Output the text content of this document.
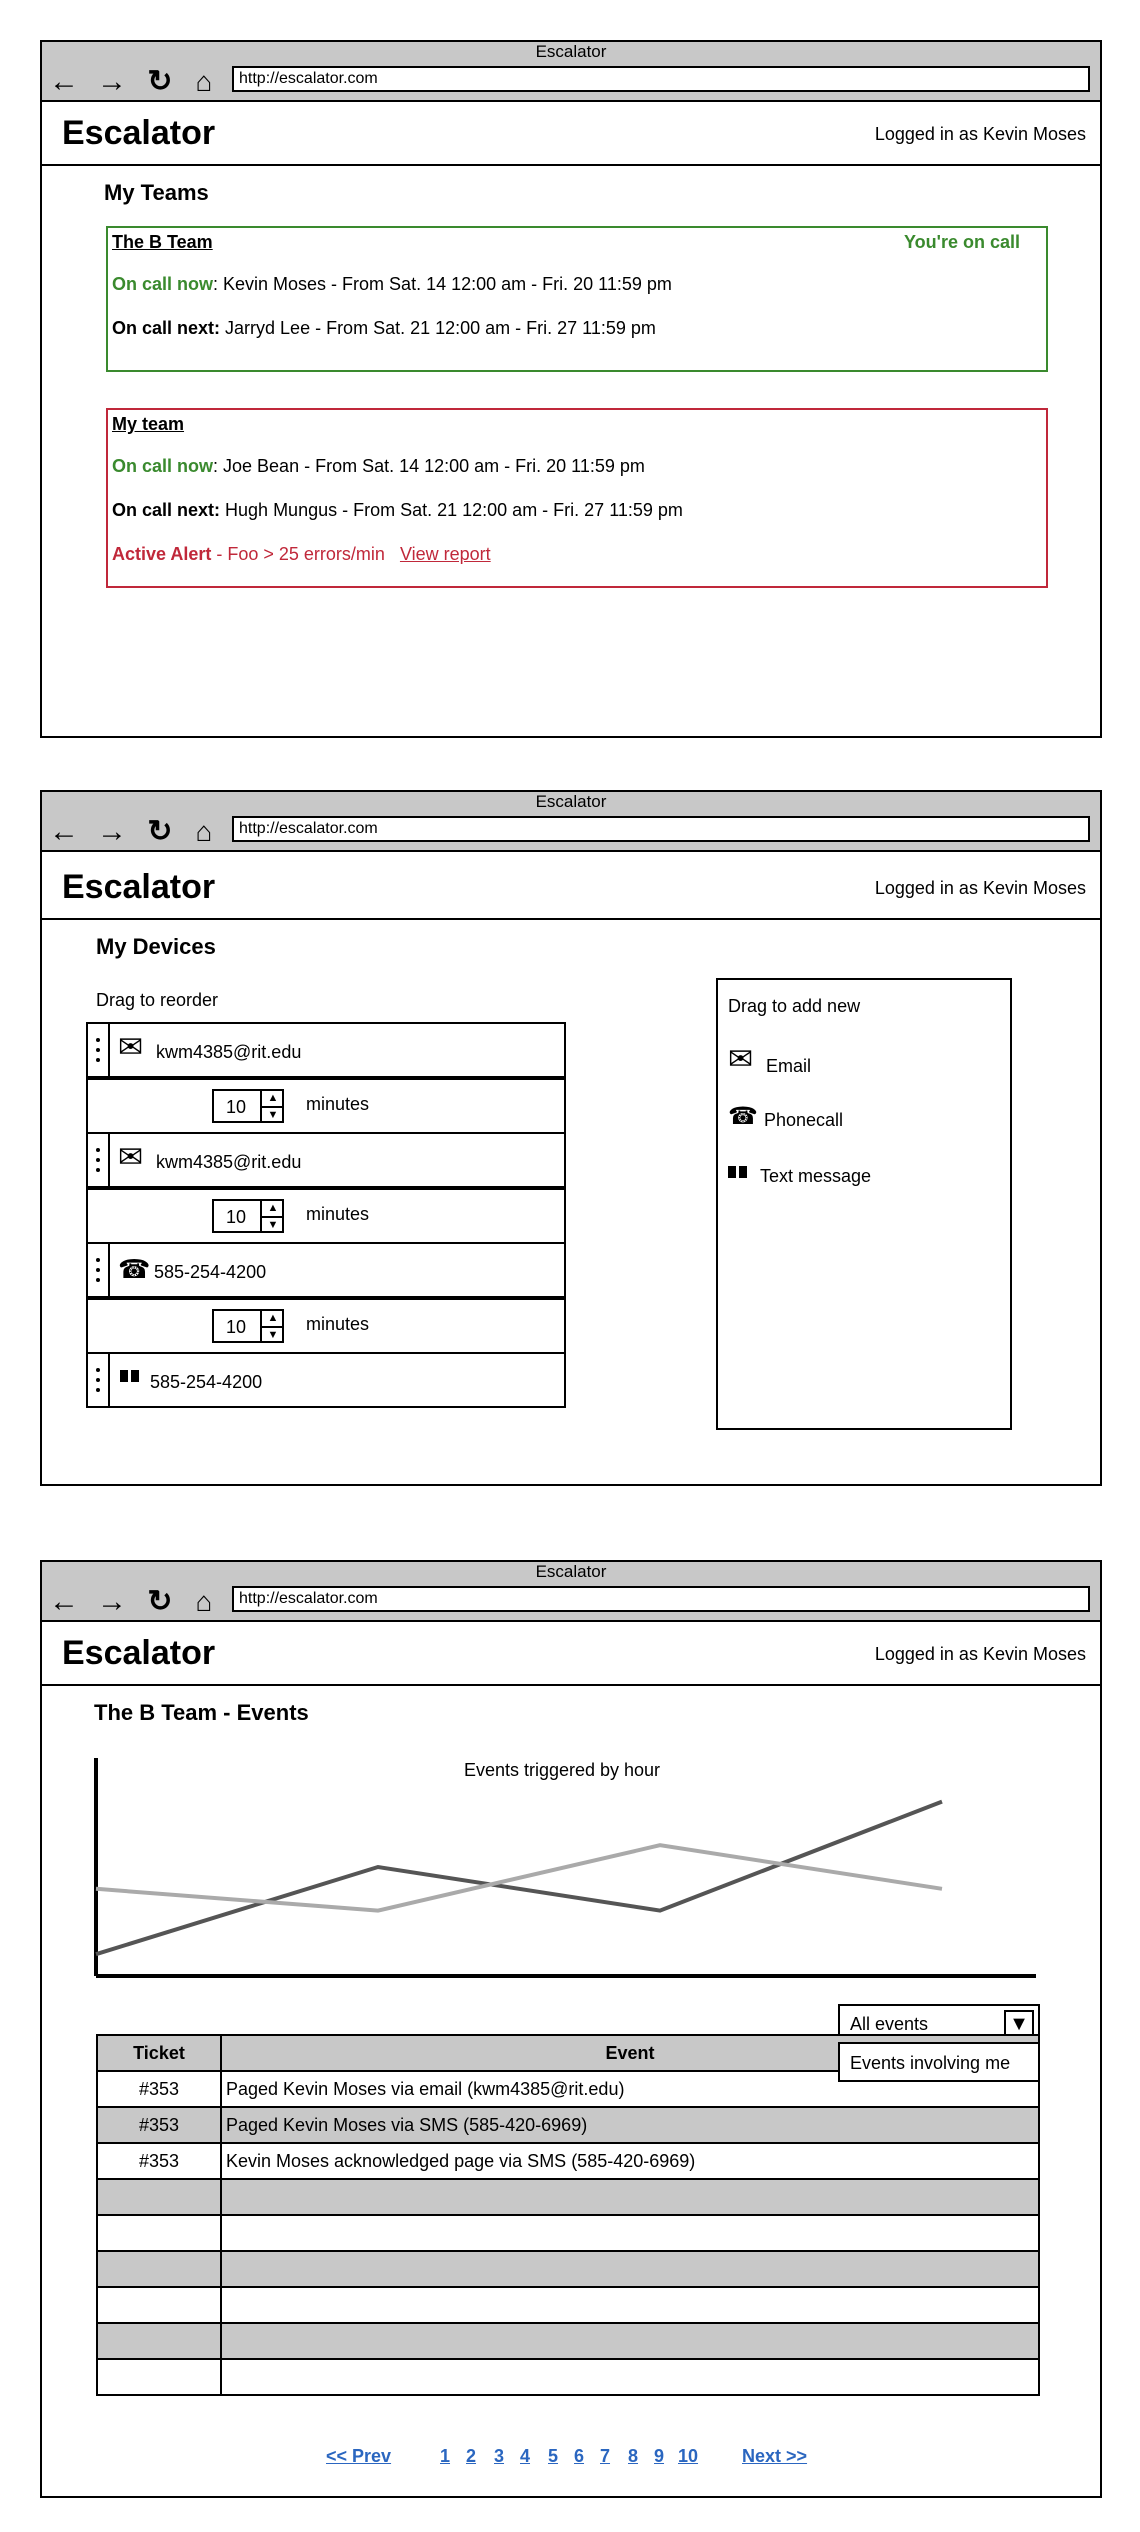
Escalator
← → ↻ ⌂	http://escalator.com
Escalator	Logged in as Kevin Moses
My Teams
The B Team	You're on call
On call now: Kevin Moses - From Sat. 14 12:00 am - Fri. 20 11:59 pm
On call next: Jarryd Lee - From Sat. 21 12:00 am - Fri. 27 11:59 pm
My team
On call now: Joe Bean - From Sat. 14 12:00 am - Fri. 20 11:59 pm
On call next: Hugh Mungus - From Sat. 21 12:00 am - Fri. 27 11:59 pm
Active Alert - Foo > 25 errors/min View report
Escalator
← → ↻ ⌂	http://escalator.com
Escalator	Logged in as Kevin Moses
My Devices
Drag to reorder
✉ kwm4385@rit.edu
10	▲
▼
minutes
✉ kwm4385@rit.edu
10	▲
▼
minutes
☎ 585-254-4200
10	▲
▼
minutes
585-254-4200
Drag to add new
✉ Email
☎ Phonecall
Text message
Escalator
← → ↻ ⌂	http://escalator.com
Escalator	Logged in as Kevin Moses
The B Team - Events
Events triggered by hour
All events	▼
Events involving me
Ticket	Event
#353	Paged Kevin Moses via email (kwm4385@rit.edu)
#353	Paged Kevin Moses via SMS (585-420-6969)
#353	Kevin Moses acknowledged page via SMS (585-420-6969)

<< Prev	1 2 3 4 5 6 7 8 9 10 Next >>
